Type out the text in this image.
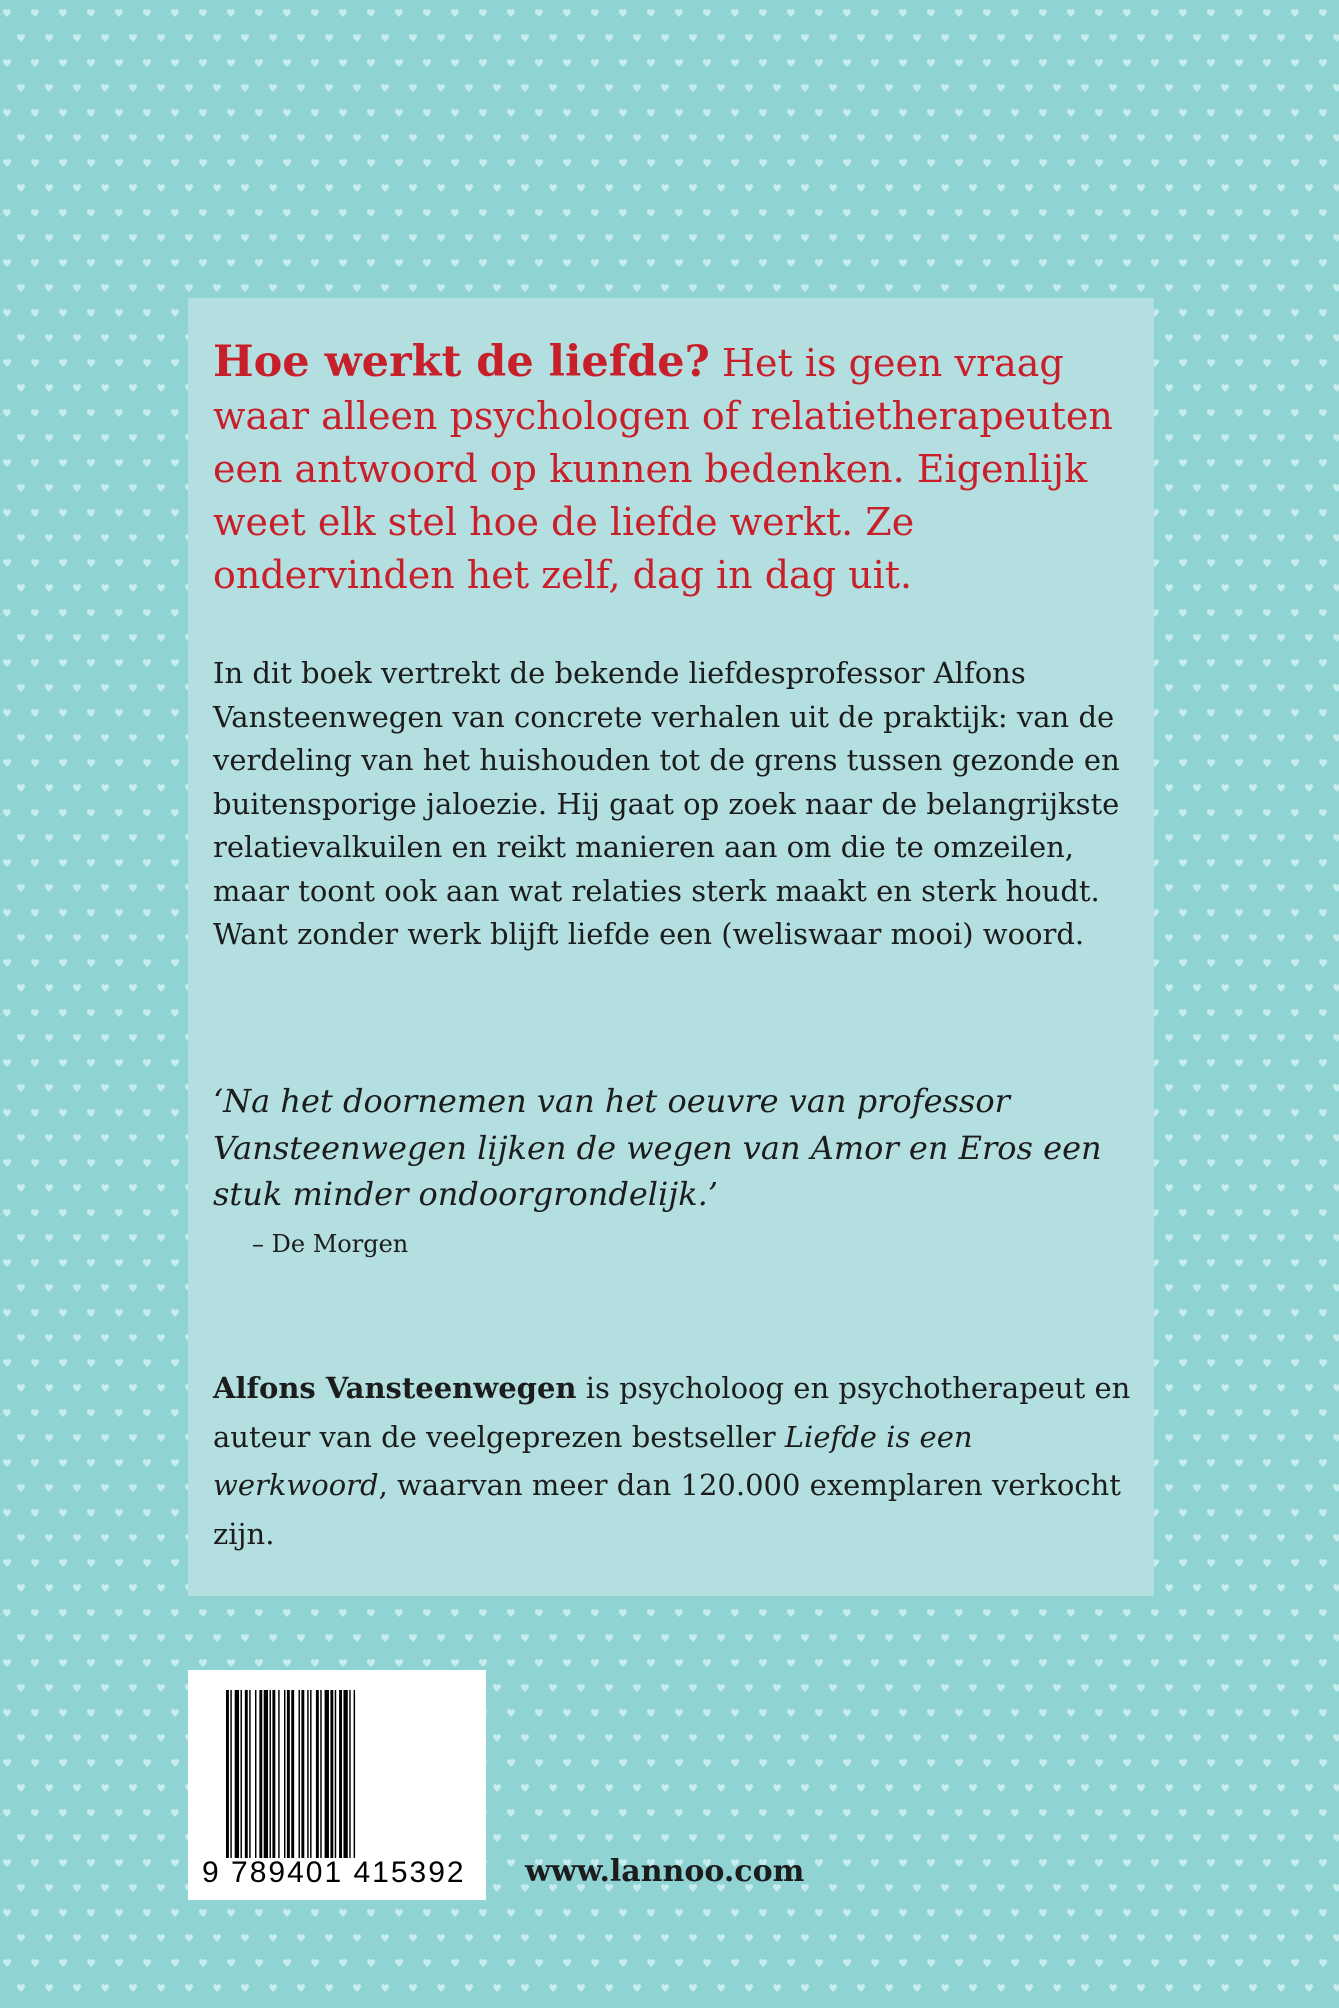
Hoe werkt de liefde? Het is geen vraag waar alleen psychologen of relatietherapeuten een antwoord op kunnen bedenken. Eigenlijk weet elk stel hoe de liefde werkt. Ze ondervinden het zelf, dag in dag uit.

In dit boek vertrekt de bekende liefdesprofessor Alfons Vansteenwegen van concrete verhalen uit de praktijk: van de verdeling van het huishouden tot de grens tussen gezonde en buitensporige jaloezie. Hij gaat op zoek naar de belangrijkste relatievalkuilen en reikt manieren aan om die te omzeilen, maar toont ook aan wat relaties sterk maakt en sterk houdt. Want zonder werk blijft liefde een (weliswaar mooi) woord.

‘Na het doornemen van het oeuvre van professor Vansteenwegen lijken de wegen van Amor en Eros een stuk minder ondoorgrondelijk.’

– De Morgen

Alfons Vansteenwegen is psycholoog en psychotherapeut en auteur van de veelgeprezen bestseller Liefde is een werkwoord, waarvan meer dan 120.000 exemplaren verkocht zijn.

9 789401 415392	www.lannoo.com
